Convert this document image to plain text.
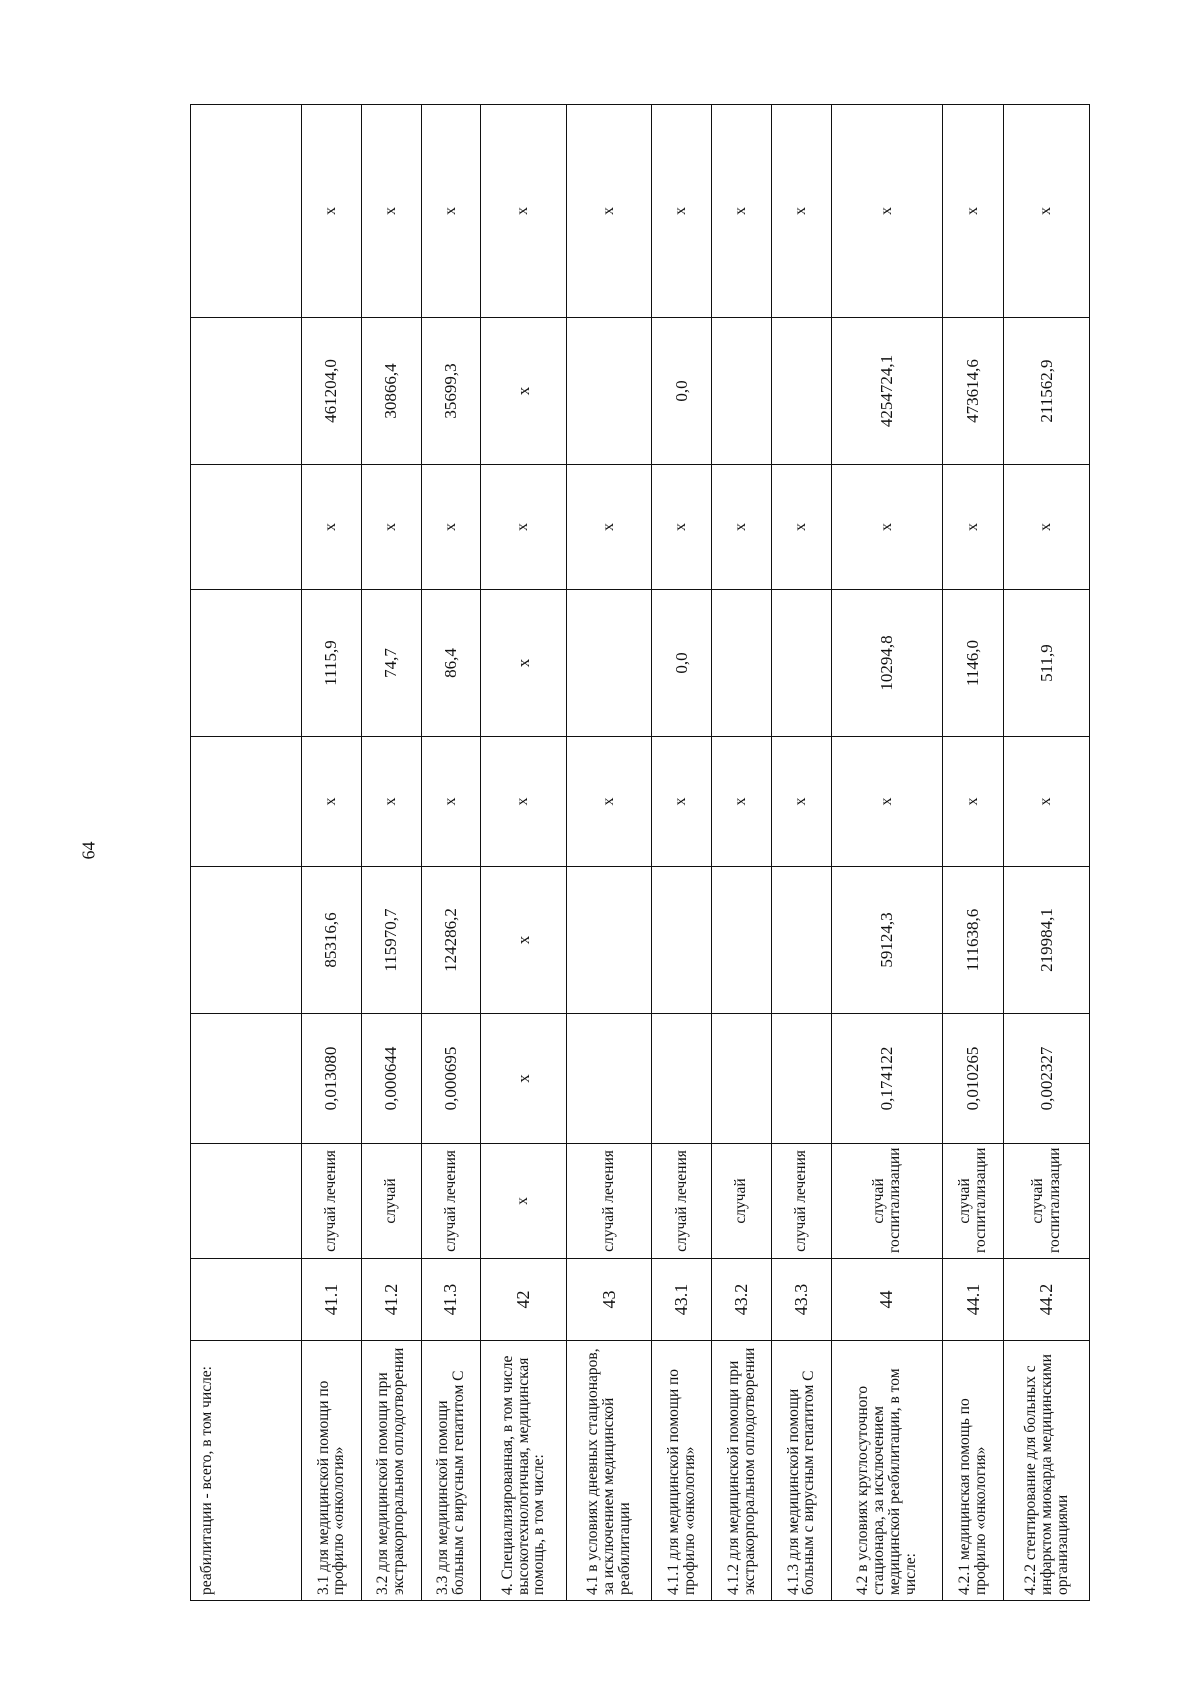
64
реабилитации - всего, в том числе:									
3.1 для медицинской помощи по профилю «онкология»	41.1	случай лечения	0,013080	85316,6	х	1115,9	х	461204,0	х
3.2 для медицинской помощи при экстракорпоральном оплодотворении	41.2	случай	0,000644	115970,7	х	74,7	х	30866,4	х
3.3 для медицинской помощи больным с вирусным гепатитом С	41.3	случай лечения	0,000695	124286,2	х	86,4	х	35699,3	х
4. Специализированная, в том числе высокотехнологичная, медицинская помощь, в том числе:	42	х	х	х	х	х	х	х	х
4.1 в условиях дневных стационаров, за исключением медицинской реабилитации	43	случай лечения			х		х		х
4.1.1 для медицинской помощи по профилю «онкология»	43.1	случай лечения			х	0,0	х	0,0	х
4.1.2 для медицинской помощи при экстракорпоральном оплодотворении	43.2	случай			х		х		х
4.1.3 для медицинской помощи больным с вирусным гепатитом С	43.3	случай лечения			х		х		х
4.2 в условиях круглосуточного стационара, за исключением медицинской реабилитации, в том числе:	44	случай госпитализации	0,174122	59124,3	х	10294,8	х	4254724,1	х
4.2.1 медицинская помощь по профилю «онкология»	44.1	случай госпитализации	0,010265	111638,6	х	1146,0	х	473614,6	х
4.2.2 стентирование для больных с инфарктом миокарда медицинскими организациями	44.2	случай госпитализации	0,002327	219984,1	х	511,9	х	211562,9	х
